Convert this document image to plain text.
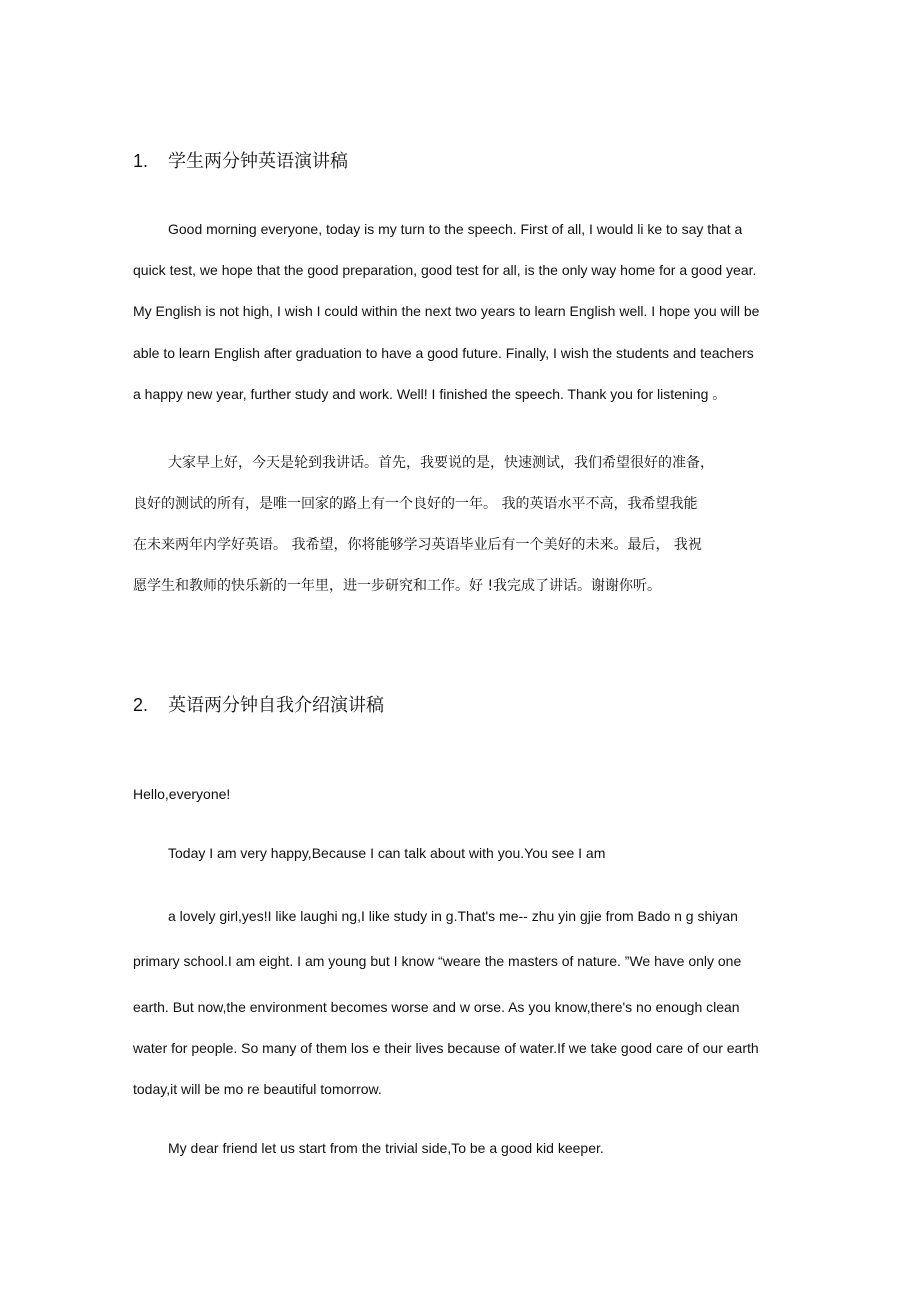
1. 学生两分钟英语演讲稿
Good morning everyone, today is my turn to the speech. First of all, I would li ke to say that a
quick test, we hope that the good preparation, good test for all, is the only way home for a good year.
My English is not high, I wish I could within the next two years to learn English well. I hope you will be
able to learn English after graduation to have a good future. Finally, I wish the students and teachers
a happy new year, further study and work. Well! I finished the speech. Thank you for listening 。
大家早上好，今天是轮到我讲话。首先，我要说的是，快速测试，我们希望很好的准备，
良好的测试的所有，是唯一回家的路上有一个良好的一年。 我的英语水平不高，我希望我能
在未来两年内学好英语。 我希望，你将能够学习英语毕业后有一个美好的未来。最后， 我祝
愿学生和教师的快乐新的一年里，进一步研究和工作。好 !我完成了讲话。谢谢你听。
2. 英语两分钟自我介绍演讲稿
Hello,everyone!
Today I am very happy,Because I can talk about with you.You see I am
a lovely girl,yes!I like laughi ng,I like study in g.That's me-- zhu yin gjie from Bado n g shiyan
primary school.I am eight. I am young but I know “weare the masters of nature. ”We have only one
earth. But now,the environment becomes worse and w orse. As you know,there's no enough clean
water for people. So many of them los e their lives because of water.If we take good care of our earth
today,it will be mo re beautiful tomorrow.
My dear friend let us start from the trivial side,To be a good kid keeper.
